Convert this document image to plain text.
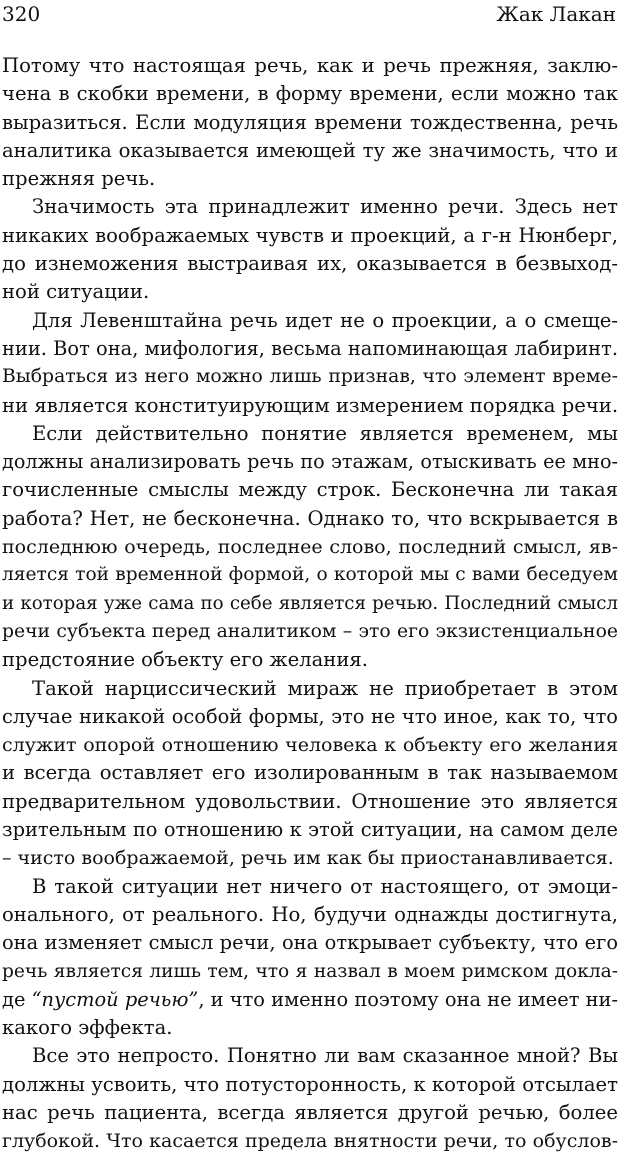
320	Жак Лакан

Потому что настоящая речь, как и речь прежняя, заклю-
чена в скобки времени, в форму времени, если можно так
выразиться. Если модуляция времени тождественна, речь
аналитика оказывается имеющей ту же значимость, что и
прежняя речь.

Значимость эта принадлежит именно речи. Здесь нет
никаких воображаемых чувств и проекций, а г-н Нюнберг,
до изнеможения выстраивая их, оказывается в безвыход-
ной ситуации.

Для Левенштайна речь идет не о проекции, а о смеще-
нии. Вот она, мифология, весьма напоминающая лабиринт.
Выбраться из него можно лишь признав, что элемент време-
ни является конституирующим измерением порядка речи.

Если действительно понятие является временем, мы
должны анализировать речь по этажам, отыскивать ее мно-
гочисленные смыслы между строк. Бесконечна ли такая
работа? Нет, не бесконечна. Однако то, что вскрывается в
последнюю очередь, последнее слово, последний смысл, яв-
ляется той временной формой, о которой мы с вами беседуем
и которая уже сама по себе является речью. Последний смысл
речи субъекта перед аналитиком – это его экзистенциальное
предстояние объекту его желания.

Такой нарциссический мираж не приобретает в этом
случае никакой особой формы, это не что иное, как то, что
служит опорой отношению человека к объекту его желания
и всегда оставляет его изолированным в так называемом
предварительном удовольствии. Отношение это является
зрительным по отношению к этой ситуации, на самом деле
– чисто воображаемой, речь им как бы приостанавливается.

В такой ситуации нет ничего от настоящего, от эмоци-
онального, от реального. Но, будучи однажды достигнута,
она изменяет смысл речи, она открывает субъекту, что его
речь является лишь тем, что я назвал в моем римском докла-
де “пустой речью”, и что именно поэтому она не имеет ни-
какого эффекта.

Все это непросто. Понятно ли вам сказанное мной? Вы
должны усвоить, что потусторонность, к которой отсылает
нас речь пациента, всегда является другой речью, более
глубокой. Что касается предела внятности речи, то обуслов-
